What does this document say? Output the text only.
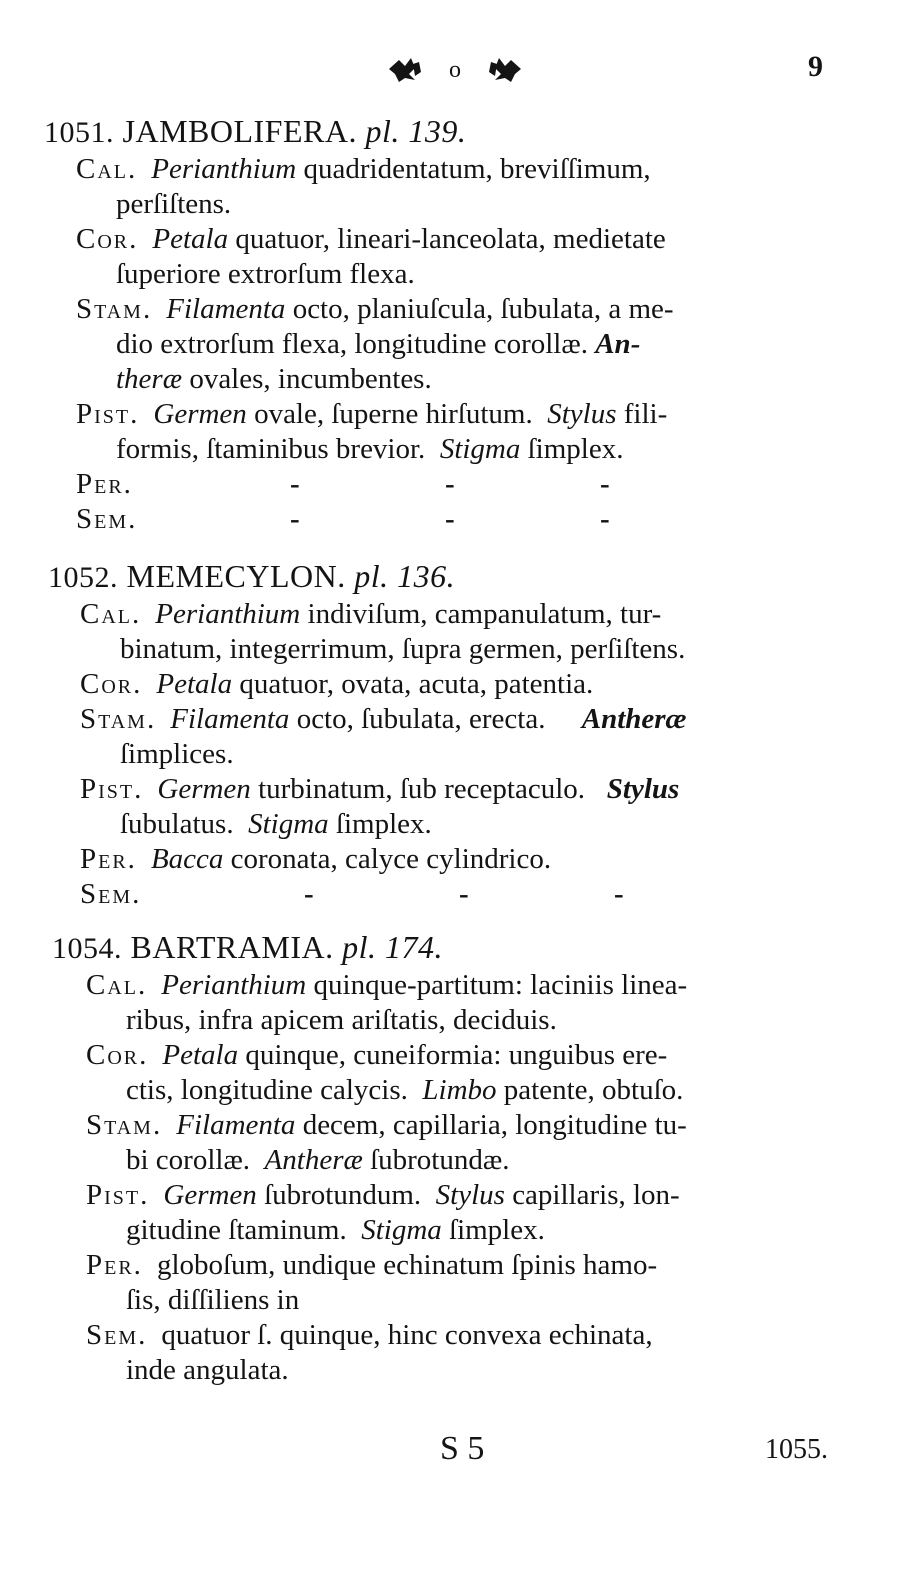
o	9
1051. JAMBOLIFERA. pl. 139.
Cal. Perianthium quadridentatum, breviſſimum,
perſiſtens.
Cor. Petala quatuor, lineari-lanceolata, medietate
ſuperiore extrorſum flexa.
Stam. Filamenta octo, planiuſcula, ſubulata, a me-
dio extrorſum flexa, longitudine corollæ. An-
theræ ovales, incumbentes.
Pist. Germen ovale, ſuperne hirſutum. Stylus fili-
formis, ſtaminibus brevior. Stigma ſimplex.
Per.	-	-	-
Sem.	-	-	-
1052. MEMECYLON. pl. 136.
Cal. Perianthium indiviſum, campanulatum, tur-
binatum, integerrimum, ſupra germen, perſiſtens.
Cor. Petala quatuor, ovata, acuta, patentia.
Stam. Filamenta octo, ſubulata, erecta. Antheræ
ſimplices.
Pist. Germen turbinatum, ſub receptaculo. Stylus
ſubulatus. Stigma ſimplex.
Per. Bacca coronata, calyce cylindrico.
Sem.	-	-	-
1054. BARTRAMIA. pl. 174.
Cal. Perianthium quinque-partitum: laciniis linea-
ribus, infra apicem ariſtatis, deciduis.
Cor. Petala quinque, cuneiformia: unguibus ere-
ctis, longitudine calycis. Limbo patente, obtuſo.
Stam. Filamenta decem, capillaria, longitudine tu-
bi corollæ. Antheræ ſubrotundæ.
Pist. Germen ſubrotundum. Stylus capillaris, lon-
gitudine ſtaminum. Stigma ſimplex.
Per. globoſum, undique echinatum ſpinis hamo-
ſis, diſſiliens in
Sem. quatuor ſ. quinque, hinc convexa echinata,
inde angulata.
S 5	1055.
